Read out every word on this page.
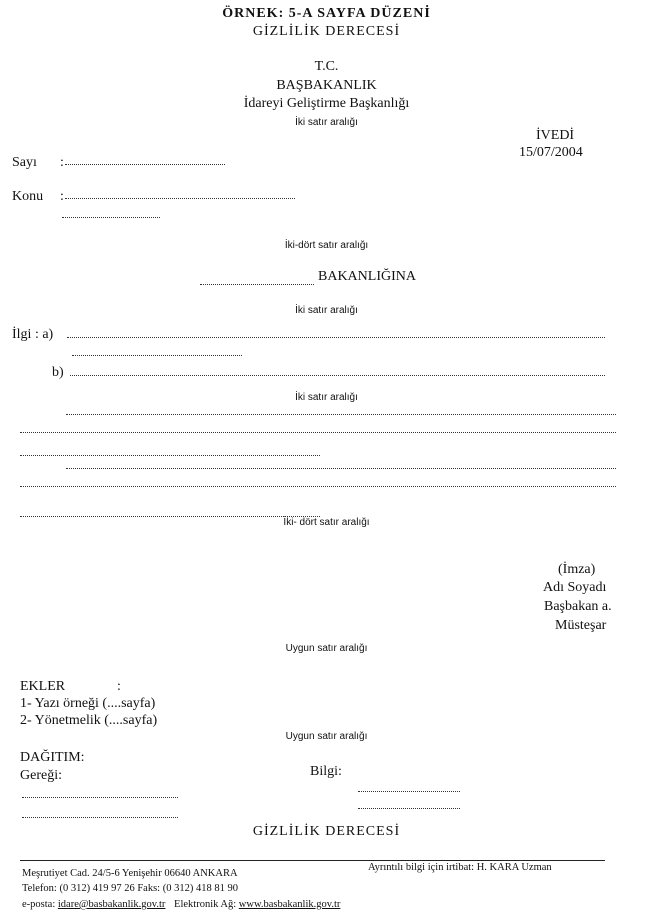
ÖRNEK: 5-A SAYFA DÜZENİ
GİZLİLİK DERECESİ
T.C.
BAŞBAKANLIK
İdareyi Geliştirme Başkanlığı
İki satır aralığı
İVEDİ
15/07/2004
Sayı :
Konu :
İki-dört satır aralığı
BAKANLIĞINA
İki satır aralığı
İlgi : a)
b)
İki satır aralığı
İki- dört satır aralığı
(İmza)
Adı Soyadı
Başbakan a.
Müsteşar
Uygun satır aralığı
EKLER	:
1- Yazı örneği (....sayfa)
2- Yönetmelik (....sayfa)
Uygun satır aralığı
DAĞITIM:
Gereği:	Bilgi:
GİZLİLİK DERECESİ
Meşrutiyet Cad. 24/5-6 Yenişehir 06640 ANKARA
Ayrıntılı bilgi için irtibat: H. KARA Uzman
Telefon: (0 312) 419 97 26 Faks: (0 312) 418 81 90
e-posta: idare@basbakanlik.gov.tr Elektronik Ağ: www.basbakanlik.gov.tr
